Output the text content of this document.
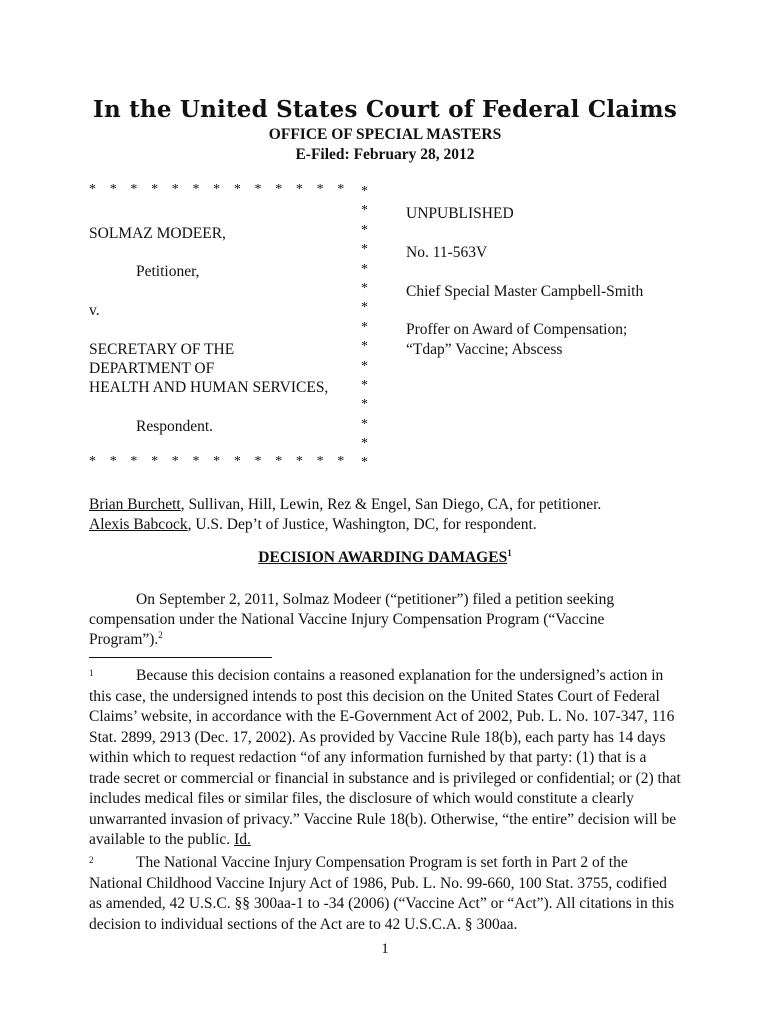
In the United States Court of Federal Claims
OFFICE OF SPECIAL MASTERS
E-Filed: February 28, 2012
* * * * * * * * * * * * *	*
*
*
*
*
*
*
*
*
*
*
*
*
*
*
* * * * * * * * * * * * *
SOLMAZ MODEER,
Petitioner,
v.
SECRETARY OF THE
DEPARTMENT OF
HEALTH AND HUMAN SERVICES,
Respondent.
UNPUBLISHED
No. 11-563V
Chief Special Master Campbell-Smith
Proffer on Award of Compensation;
“Tdap” Vaccine; Abscess
Brian Burchett, Sullivan, Hill, Lewin, Rez & Engel, San Diego, CA, for petitioner.
Alexis Babcock, U.S. Dep’t of Justice, Washington, DC, for respondent.
DECISION AWARDING DAMAGES$^1$

On September 2, 2011, Solmaz Modeer (“petitioner”) filed a petition seeking compensation under the National Vaccine Injury Compensation Program (“Vaccine Program”).$^2$

1	Because this decision contains a reasoned explanation for the undersigned’s action in this case, the undersigned intends to post this decision on the United States Court of Federal Claims’ website, in accordance with the E-Government Act of 2002, Pub. L. No. 107-347, 116 Stat. 2899, 2913 (Dec. 17, 2002). As provided by Vaccine Rule 18(b), each party has 14 days within which to request redaction “of any information furnished by that party: (1) that is a trade secret or commercial or financial in substance and is privileged or confidential; or (2) that includes medical files or similar files, the disclosure of which would constitute a clearly unwarranted invasion of privacy.” Vaccine Rule 18(b). Otherwise, “the entire” decision will be available to the public. Id.

2	The National Vaccine Injury Compensation Program is set forth in Part 2 of the National Childhood Vaccine Injury Act of 1986, Pub. L. No. 99-660, 100 Stat. 3755, codified as amended, 42 U.S.C. §§ 300aa-1 to -34 (2006) (“Vaccine Act” or “Act”). All citations in this decision to individual sections of the Act are to 42 U.S.C.A. § 300aa.

1
